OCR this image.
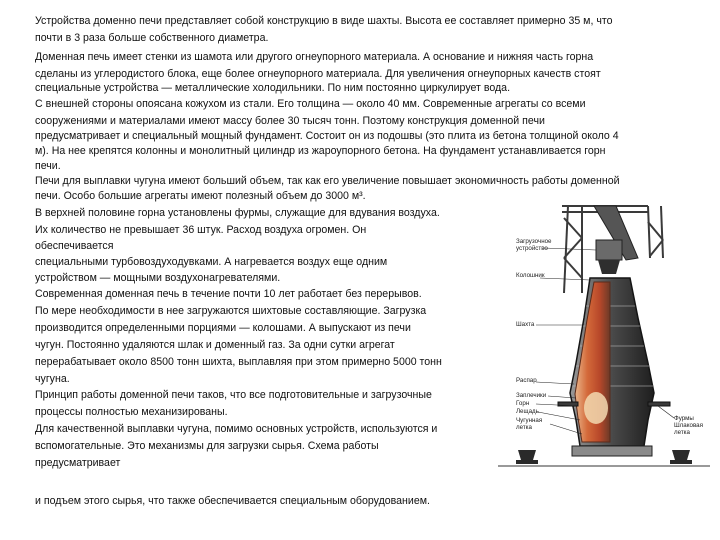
Устройства доменно печи представляет собой конструкцию в виде шахты. Высота ее составляет примерно 35 м, что
почти в 3 раза больше собственного диаметра.
Доменная печь имеет стенки из шамота или другого огнеупорного материала. А основание и нижняя часть горна
сделаны из углеродистого блока, еще более огнеупорного материала. Для увеличения огнеупорных качеств стоят
специальные устройства — металлические холодильники. По ним постоянно циркулирует вода.
С внешней стороны опоясана кожухом из стали. Его толщина — около 40 мм. Современные агрегаты со всеми
сооружениями и материалами имеют массу более 30 тысяч тонн. Поэтому конструкция доменной печи
предусматривает и специальный мощный фундамент. Состоит он из подошвы (это плита из бетона толщиной около 4
м). На нее крепятся колонны и монолитный цилиндр из жароупорного бетона. На фундамент устанавливается горн
печи.
Печи для выплавки чугуна имеют больший объем, так как его увеличение повышает экономичность работы доменной
печи. Особо большие агрегаты имеют полезный объем до 3000 м³.
В верхней половине горна установлены фурмы, служащие для вдувания воздуха.
Их количество не превышает 36 штук. Расход воздуха огромен. Он
обеспечивается
специальными турбовоздуходувками. А нагревается воздух еще одним
устройством — мощными воздухонагревателями.
Современная доменная печь в течение почти 10 лет работает без перерывов.
По мере необходимости в нее загружаются шихтовые составляющие. Загрузка
производится определенными порциями — колошами. А выпускают из печи
чугун. Постоянно удаляются шлак и доменный газ. За одни сутки агрегат
перерабатывает около 8500 тонн шихта, выплавляя при этом примерно 5000 тонн
чугуна.
Принцип работы доменной печи таков, что все подготовительные и загрузочные
процессы полностью механизированы.
Для качественной выплавки чугуна, помимо основных устройств, используются и
вспомогательные. Это механизмы для загрузки сырья. Схема работы
предусматривает
и подъем этого сырья, что также обеспечивается специальным оборудованием.
Загрузочное
устройство
Колошник
Шахта
Распар
Заплечики
Горн
Лещадь
Чугунная
летка
Фурмы
Шлаковая
летка
